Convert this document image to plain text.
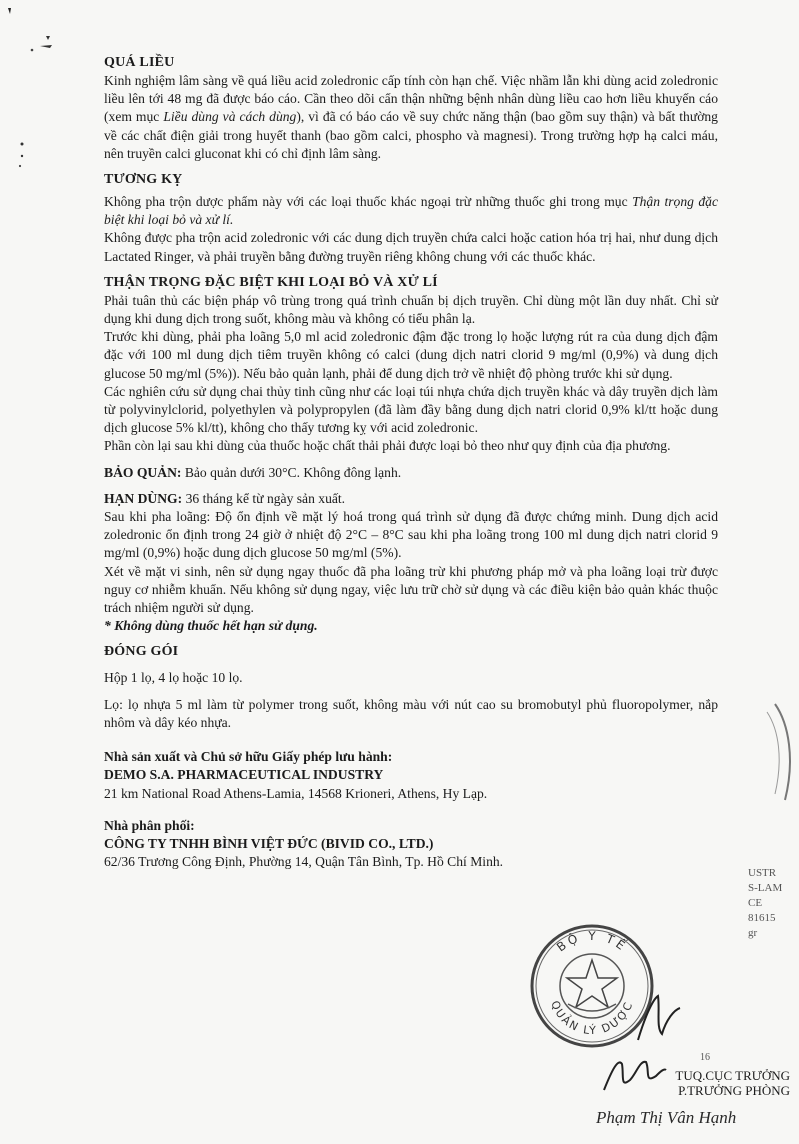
QUÁ LIỀU

Kinh nghiệm lâm sàng về quá liều acid zoledronic cấp tính còn hạn chế. Việc nhầm lẫn khi dùng acid zoledronic liều lên tới 48 mg đã được báo cáo. Cần theo dõi cẩn thận những bệnh nhân dùng liều cao hơn liều khuyến cáo (xem mục Liều dùng và cách dùng), vì đã có báo cáo về suy chức năng thận (bao gồm suy thận) và bất thường về các chất điện giải trong huyết thanh (bao gồm calci, phospho và magnesi). Trong trường hợp hạ calci máu, nên truyền calci gluconat khi có chỉ định lâm sàng.

TƯƠNG KỴ

Không pha trộn dược phẩm này với các loại thuốc khác ngoại trừ những thuốc ghi trong mục Thận trọng đặc biệt khi loại bỏ và xử lí.

Không được pha trộn acid zoledronic với các dung dịch truyền chứa calci hoặc cation hóa trị hai, như dung dịch Lactated Ringer, và phải truyền bằng đường truyền riêng không chung với các thuốc khác.

THẬN TRỌNG ĐẶC BIỆT KHI LOẠI BỎ VÀ XỬ LÍ

Phải tuân thủ các biện pháp vô trùng trong quá trình chuẩn bị dịch truyền. Chỉ dùng một lần duy nhất. Chỉ sử dụng khi dung dịch trong suốt, không màu và không có tiểu phân lạ.

Trước khi dùng, phải pha loãng 5,0 ml acid zoledronic đậm đặc trong lọ hoặc lượng rút ra của dung dịch đậm đặc với 100 ml dung dịch tiêm truyền không có calci (dung dịch natri clorid 9 mg/ml (0,9%) và dung dịch glucose 50 mg/ml (5%)). Nếu bảo quản lạnh, phải để dung dịch trở về nhiệt độ phòng trước khi sử dụng.

Các nghiên cứu sử dụng chai thủy tinh cũng như các loại túi nhựa chứa dịch truyền khác và dây truyền dịch làm từ polyvinylclorid, polyethylen và polypropylen (đã làm đầy bằng dung dịch natri clorid 0,9% kl/tt hoặc dung dịch glucose 5% kl/tt), không cho thấy tương kỵ với acid zoledronic.

Phần còn lại sau khi dùng của thuốc hoặc chất thải phải được loại bỏ theo như quy định của địa phương.

BẢO QUẢN: Bảo quản dưới 30°C. Không đông lạnh.

HẠN DÙNG: 36 tháng kể từ ngày sản xuất.

Sau khi pha loãng: Độ ổn định về mặt lý hoá trong quá trình sử dụng đã được chứng minh. Dung dịch acid zoledronic ổn định trong 24 giờ ở nhiệt độ 2°C – 8°C sau khi pha loãng trong 100 ml dung dịch natri clorid 9 mg/ml (0,9%) hoặc dung dịch glucose 50 mg/ml (5%).

Xét về mặt vi sinh, nên sử dụng ngay thuốc đã pha loãng trừ khi phương pháp mở và pha loãng loại trừ được nguy cơ nhiễm khuẩn. Nếu không sử dụng ngay, việc lưu trữ chờ sử dụng và các điều kiện bảo quản khác thuộc trách nhiệm người sử dụng.

* Không dùng thuốc hết hạn sử dụng.

ĐÓNG GÓI

Hộp 1 lọ, 4 lọ hoặc 10 lọ.

Lọ: lọ nhựa 5 ml làm từ polymer trong suốt, không màu với nút cao su bromobutyl phủ fluoropolymer, nắp nhôm và dây kéo nhựa.

Nhà sản xuất và Chủ sở hữu Giấy phép lưu hành:

DEMO S.A. PHARMACEUTICAL INDUSTRY

21 km National Road Athens-Lamia, 14568 Krioneri, Athens, Hy Lạp.

Nhà phân phối:

CÔNG TY TNHH BÌNH VIỆT ĐỨC (BIVID CO., LTD.)

62/36 Trương Công Định, Phường 14, Quận Tân Bình, Tp. Hồ Chí Minh.

USTR
S-LAM
CE
81615
gr
BỘ Y TẾ
QUẢN LÝ DƯỢC
16
TUQ.CỤC TRƯỞNG
P.TRƯỞNG PHÒNG
Phạm Thị Vân Hạnh
